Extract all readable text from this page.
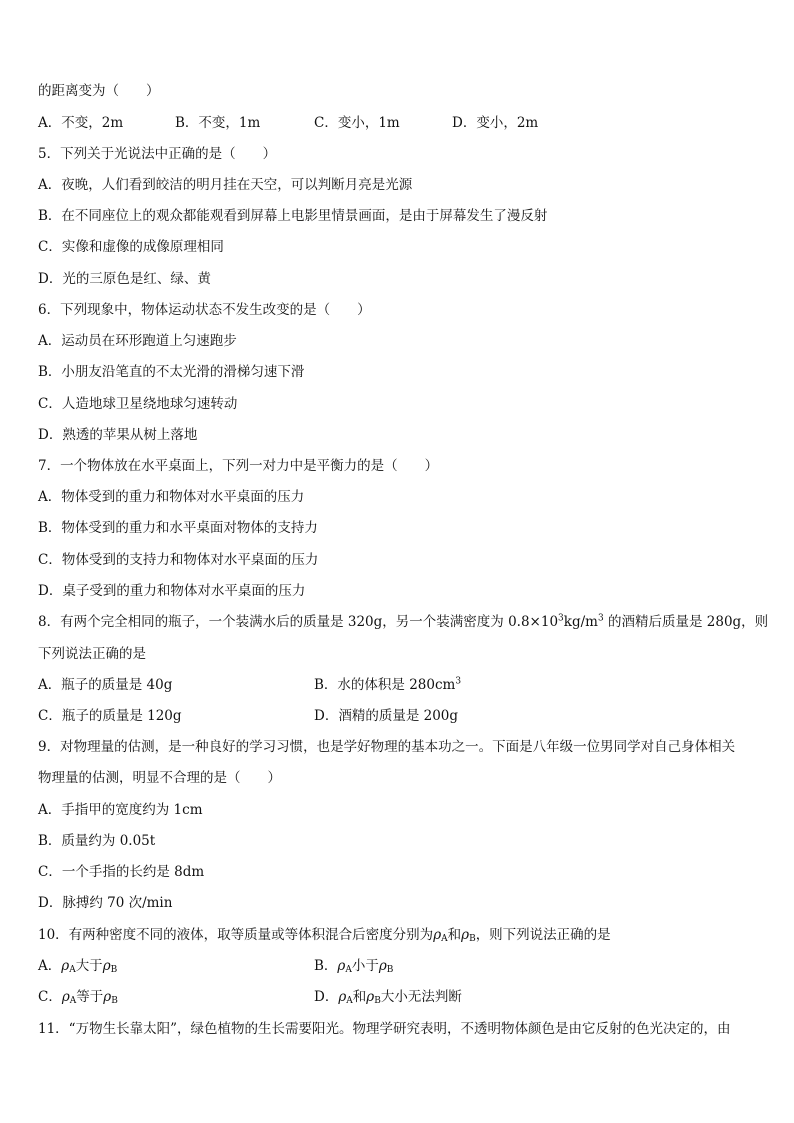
的距离变为（　　）
A．不变，2m	B．不变，1m	C．变小，1m	D．变小，2m
5．下列关于光说法中正确的是（　　）
A．夜晚，人们看到皎洁的明月挂在天空，可以判断月亮是光源
B．在不同座位上的观众都能观看到屏幕上电影里情景画面，是由于屏幕发生了漫反射
C．实像和虚像的成像原理相同
D．光的三原色是红、绿、黄
6．下列现象中，物体运动状态不发生改变的是（　　）
A．运动员在环形跑道上匀速跑步
B．小朋友沿笔直的不太光滑的滑梯匀速下滑
C．人造地球卫星绕地球匀速转动
D．熟透的苹果从树上落地
7．一个物体放在水平桌面上，下列一对力中是平衡力的是（　　）
A．物体受到的重力和物体对水平桌面的压力
B．物体受到的重力和水平桌面对物体的支持力
C．物体受到的支持力和物体对水平桌面的压力
D．桌子受到的重力和物体对水平桌面的压力
8．有两个完全相同的瓶子，一个装满水后的质量是 320g，另一个装满密度为 $0.8\times 10^3kg/m^3$ 的酒精后质量是 280g，则
下列说法正确的是
A．瓶子的质量是 40g	B．水的体积是 $280cm^3$
C．瓶子的质量是 120g	D．酒精的质量是 200g
9．对物理量的估测，是一种良好的学习习惯，也是学好物理的基本功之一。下面是八年级一位男同学对自己身体相关
物理量的估测，明显不合理的是（　　）
A．手指甲的宽度约为 1cm
B．质量约为 0.05t
C．一个手指的长约是 8dm
D．脉搏约 70 次/min
10．有两种密度不同的液体，取等质量或等体积混合后密度分别为$\rho_A$和$\rho_B$，则下列说法正确的是
A．$\rho_A$大于$\rho_B$	B．$\rho_A$小于$\rho_B$
C．$\rho_A$等于$\rho_B$	D．$\rho_A$和$\rho_B$大小无法判断
11．“万物生长靠太阳”，绿色植物的生长需要阳光。物理学研究表明，不透明物体颜色是由它反射的色光决定的，由
